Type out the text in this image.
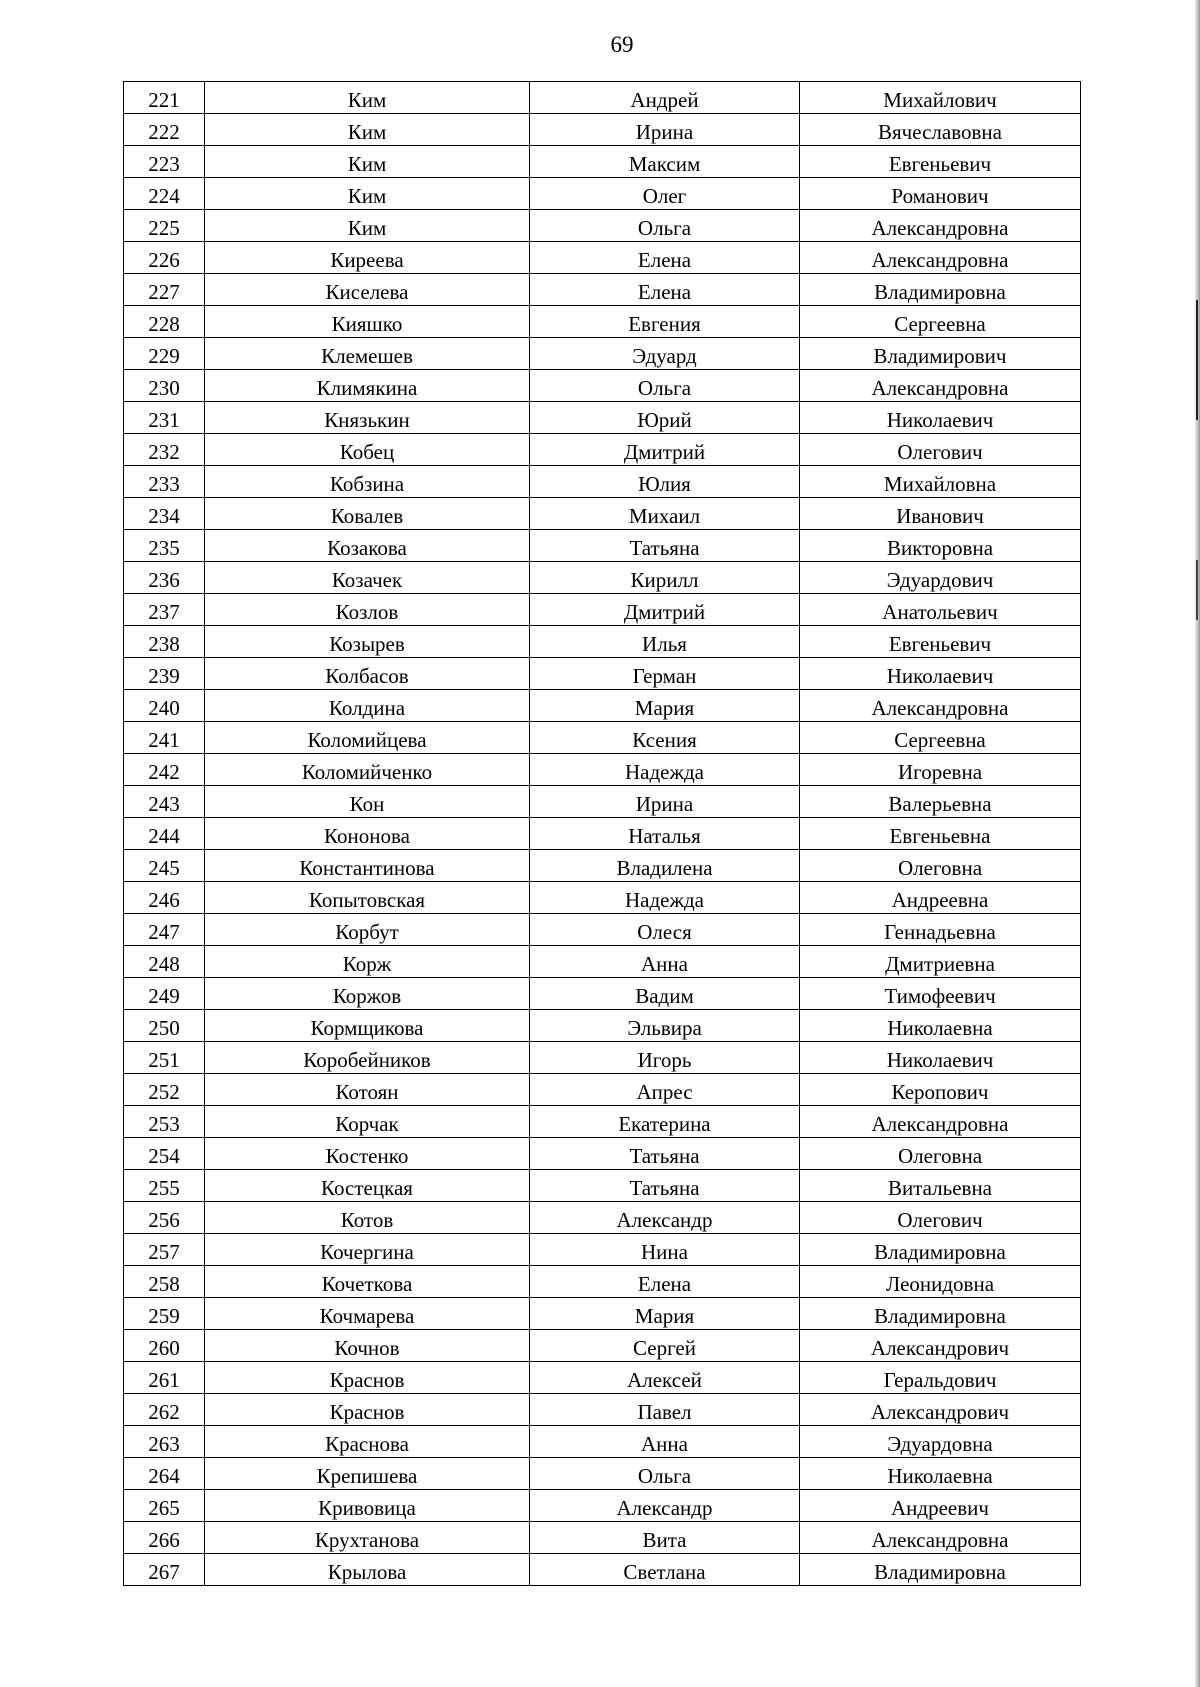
69
221	Ким	Андрей	Михайлович
222	Ким	Ирина	Вячеславовна
223	Ким	Максим	Евгеньевич
224	Ким	Олег	Романович
225	Ким	Ольга	Александровна
226	Киреева	Елена	Александровна
227	Киселева	Елена	Владимировна
228	Кияшко	Евгения	Сергеевна
229	Клемешев	Эдуард	Владимирович
230	Климякина	Ольга	Александровна
231	Князькин	Юрий	Николаевич
232	Кобец	Дмитрий	Олегович
233	Кобзина	Юлия	Михайловна
234	Ковалев	Михаил	Иванович
235	Козакова	Татьяна	Викторовна
236	Козачек	Кирилл	Эдуардович
237	Козлов	Дмитрий	Анатольевич
238	Козырев	Илья	Евгеньевич
239	Колбасов	Герман	Николаевич
240	Колдина	Мария	Александровна
241	Коломийцева	Ксения	Сергеевна
242	Коломийченко	Надежда	Игоревна
243	Кон	Ирина	Валерьевна
244	Кононова	Наталья	Евгеньевна
245	Константинова	Владилена	Олеговна
246	Копытовская	Надежда	Андреевна
247	Корбут	Олеся	Геннадьевна
248	Корж	Анна	Дмитриевна
249	Коржов	Вадим	Тимофеевич
250	Кормщикова	Эльвира	Николаевна
251	Коробейников	Игорь	Николаевич
252	Котоян	Апрес	Керопович
253	Корчак	Екатерина	Александровна
254	Костенко	Татьяна	Олеговна
255	Костецкая	Татьяна	Витальевна
256	Котов	Александр	Олегович
257	Кочергина	Нина	Владимировна
258	Кочеткова	Елена	Леонидовна
259	Кочмарева	Мария	Владимировна
260	Кочнов	Сергей	Александрович
261	Краснов	Алексей	Геральдович
262	Краснов	Павел	Александрович
263	Краснова	Анна	Эдуардовна
264	Крепишева	Ольга	Николаевна
265	Кривовица	Александр	Андреевич
266	Крухтанова	Вита	Александровна
267	Крылова	Светлана	Владимировна
